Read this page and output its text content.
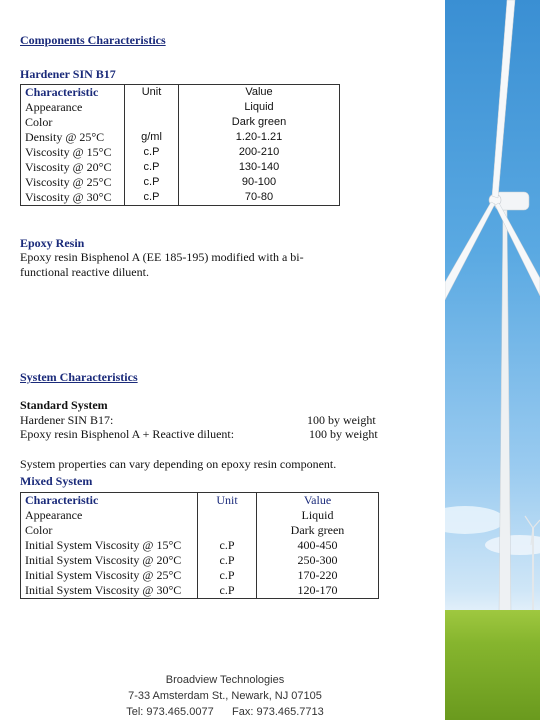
Components Characteristics
Hardener SIN B17
Characteristic	Unit	Value
Appearance		Liquid
Color		Dark green
Density @ 25°C	g/ml	1.20-1.21
Viscosity @ 15°C	c.P	200-210
Viscosity @ 20°C	c.P	130-140
Viscosity @ 25°C	c.P	90-100
Viscosity @ 30°C	c.P	70-80
Epoxy Resin
Epoxy resin Bisphenol A (EE 185-195) modified with a bi-
functional reactive diluent.
System Characteristics
Standard System
Hardener SIN B17:	100 by weight
Epoxy resin Bisphenol A + Reactive diluent:	100 by weight
System properties can vary depending on epoxy resin component.
Mixed System
Characteristic	Unit	Value
Appearance		Liquid
Color		Dark green
Initial System Viscosity @ 15°C	c.P	400-450
Initial System Viscosity @ 20°C	c.P	250-300
Initial System Viscosity @ 25°C	c.P	170-220
Initial System Viscosity @ 30°C	c.P	120-170
Broadview Technologies
7-33 Amsterdam St., Newark, NJ 07105
Tel: 973.465.0077      Fax: 973.465.7713
